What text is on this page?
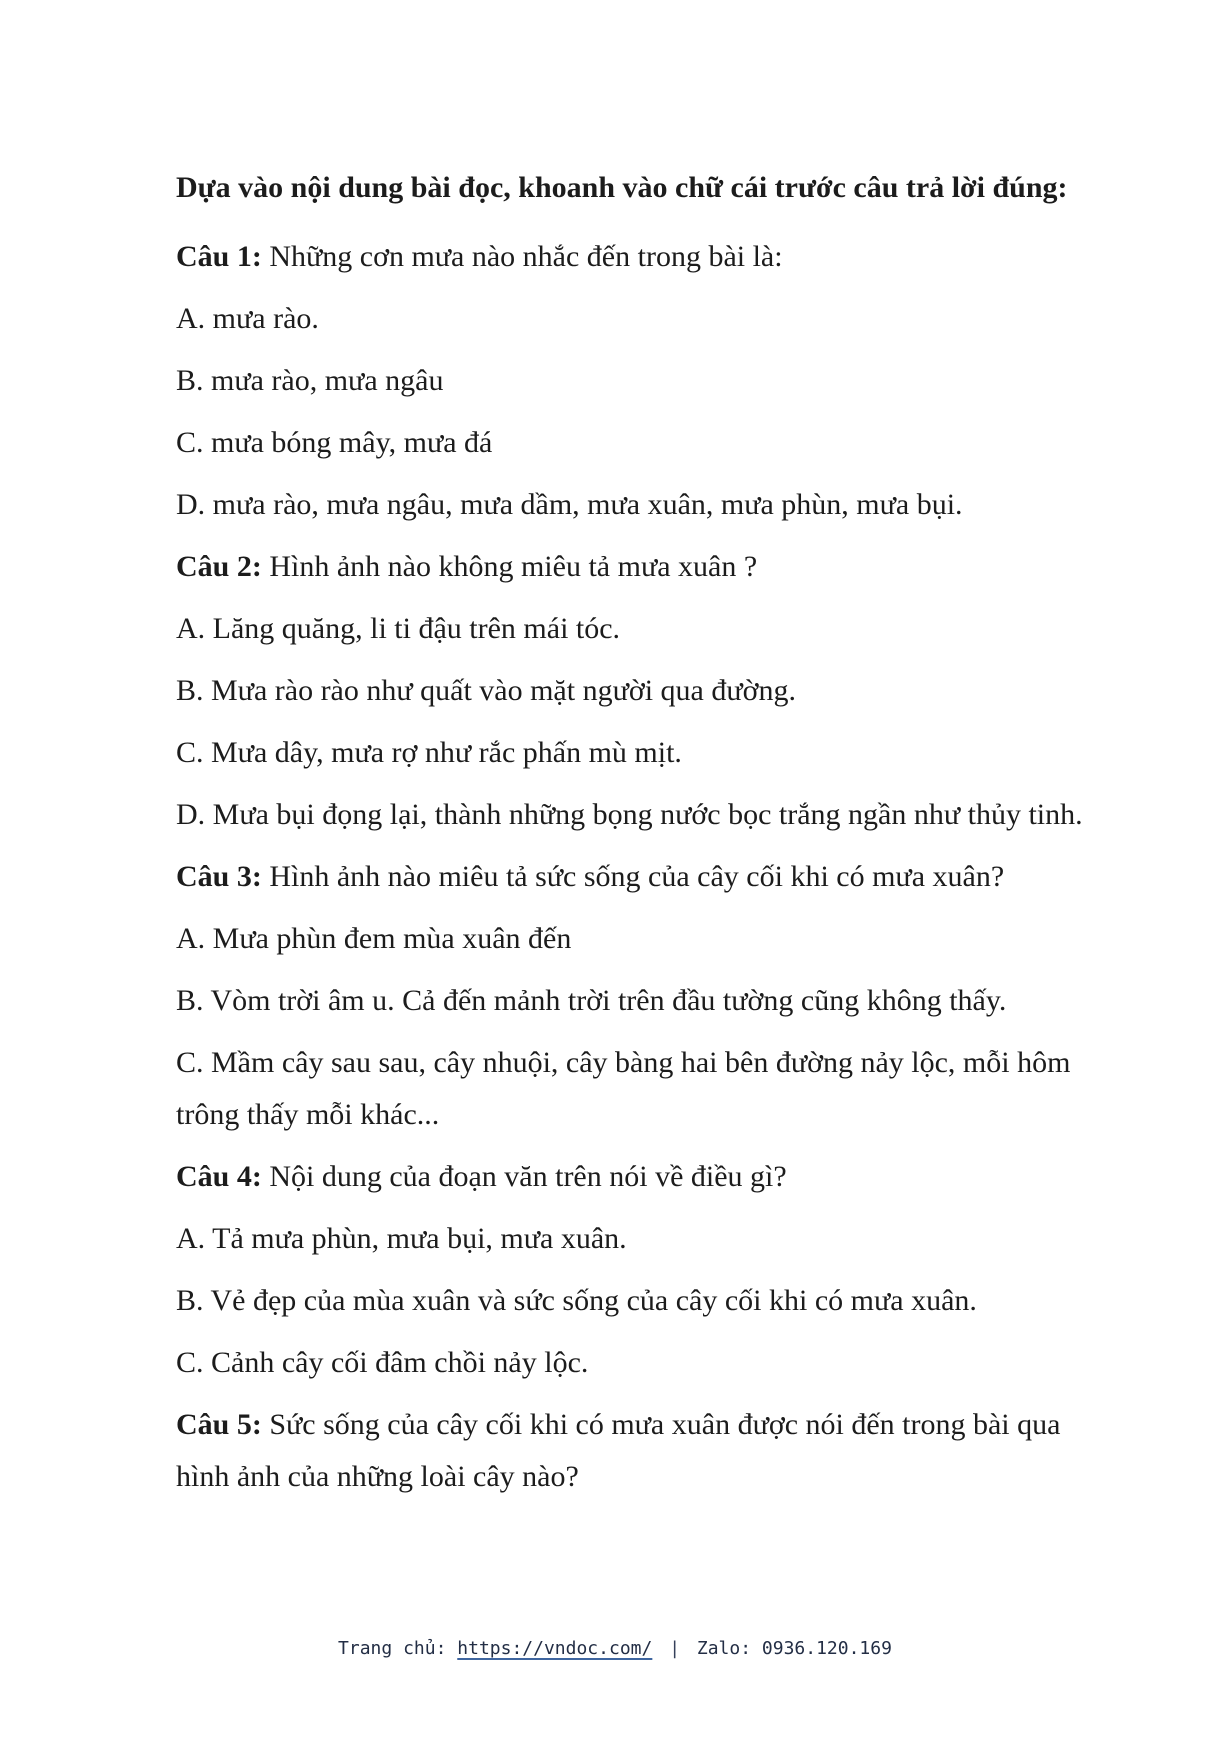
Dựa vào nội dung bài đọc, khoanh vào chữ cái trước câu trả lời đúng:

Câu 1: Những cơn mưa nào nhắc đến trong bài là:

A. mưa rào.

B. mưa rào, mưa ngâu

C. mưa bóng mây, mưa đá

D. mưa rào, mưa ngâu, mưa dầm, mưa xuân, mưa phùn, mưa bụi.

Câu 2: Hình ảnh nào không miêu tả mưa xuân ?

A. Lăng quăng, li ti đậu trên mái tóc.

B. Mưa rào rào như quất vào mặt người qua đường.

C. Mưa dây, mưa rợ như rắc phấn mù mịt.

D. Mưa bụi đọng lại, thành những bọng nước bọc trắng ngần như thủy tinh.

Câu 3: Hình ảnh nào miêu tả sức sống của cây cối khi có mưa xuân?

A. Mưa phùn đem mùa xuân đến

B. Vòm trời âm u. Cả đến mảnh trời trên đầu tường cũng không thấy.

C. Mầm cây sau sau, cây nhuội, cây bàng hai bên đường nảy lộc, mỗi hôm trông thấy mỗi khác...

Câu 4: Nội dung của đoạn văn trên nói về điều gì?

A. Tả mưa phùn, mưa bụi, mưa xuân.

B. Vẻ đẹp của mùa xuân và sức sống của cây cối khi có mưa xuân.

C. Cảnh cây cối đâm chồi nảy lộc.

Câu 5: Sức sống của cây cối khi có mưa xuân được nói đến trong bài qua hình ảnh của những loài cây nào?

Trang chủ: https://vndoc.com/ | Zalo: 0936.120.169
